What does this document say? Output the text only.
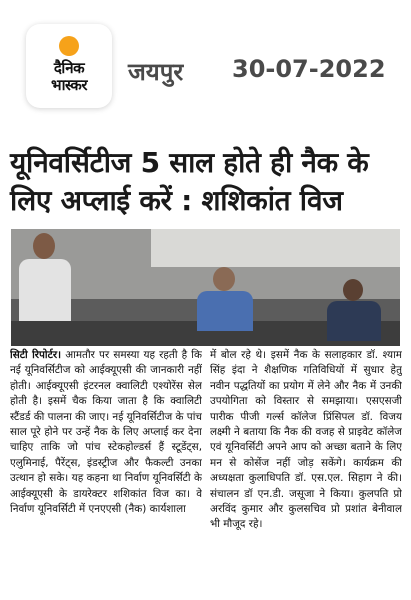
दैनिक
भास्कर	जयपुर 30-07-2022
यूनिवर्सिटीज 5 साल होते ही नैक के लिए अप्लाई करें : शशिकांत विज
सिटी रिपोर्टर। आमतौर पर समस्या यह रहती है कि नई यूनिवर्सिटीज को आईक्यूएसी की जानकारी नहीं होती। आईक्यूएसी इंटरनल क्वालिटी एश्योरेंस सेल होती है। इसमें चैक किया जाता है कि क्वालिटी स्टैंडर्ड की पालना की जाए। नई यूनिवर्सिटीज के पांच साल पूरे होने पर उन्हें नैक के लिए अप्लाई कर देना चाहिए ताकि जो पांच स्टेकहोल्डर्स हैं स्टूडेंट्स, एलुमिनाई, पैरेंट्स, इंडस्ट्रीज और फैकल्टी उनका उत्थान हो सके। यह कहना था निर्वाण यूनिवर्सिटी के आईक्यूएसी के डायरेक्टर शशिकांत विज का। वे निर्वाण यूनिवर्सिटी में एनएएसी (नैक) कार्यशाला
में बोल रहे थे। इसमें नैक के सलाहकार डॉ. श्याम सिंह इंदा ने शैक्षणिक गतिविधियों में सुधार हेतु नवीन पद्धतियों का प्रयोग में लेने और नैक में उनकी उपयोगिता को विस्तार से समझाया। एसएसजी पारीक पीजी गर्ल्स कॉलेज प्रिंसिपल डॉ. विजय लक्ष्मी ने बताया कि नैक की वजह से प्राइवेट कॉलेज एवं यूनिवर्सिटी अपने आप को अच्छा बताने के लिए मन से कोसेंज नहीं जोड़ सकेंगे। कार्यक्रम की अध्यक्षता कुलाधिपति डॉ. एस.एल. सिहाग ने की। संचालन डॉ एन.डी. जसूजा ने किया। कुलपति प्रो अरविंद कुमार और कुलसचिव प्रो प्रशांत बेनीवाल भी मौजूद रहे।
